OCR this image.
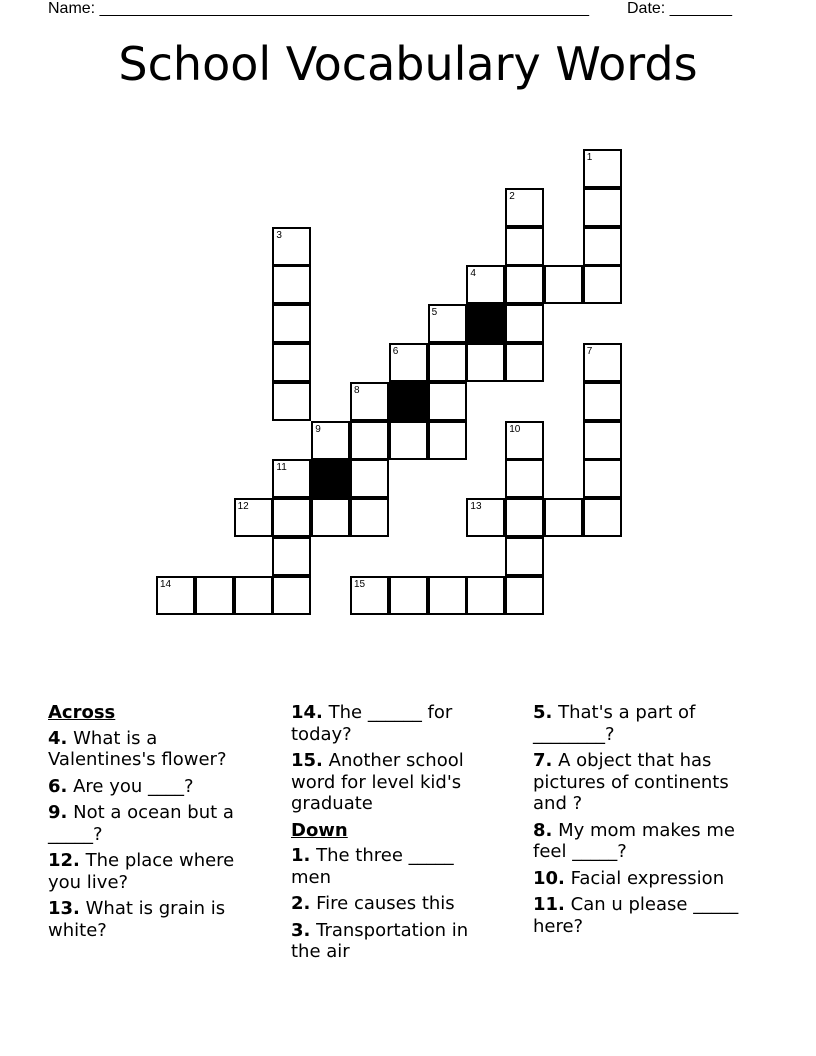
Name: _______________________________________________________ Date: _______
School Vocabulary Words
1
2
3
4
5
6	7
8
9	10
11
12	13
14	15

Across

4. What is a Valentines's flower?

6. Are you ____?

9. Not a ocean but a _____?

12. The place where you live?

13. What is grain is white?

14. The ______ for today?

15. Another school word for level kid's graduate

Down

1. The three _____ men

2. Fire causes this

3. Transportation in the air

5. That's a part of ________?

7. A object that has pictures of continents and ?

8. My mom makes me feel _____?

10. Facial expression

11. Can u please _____ here?
